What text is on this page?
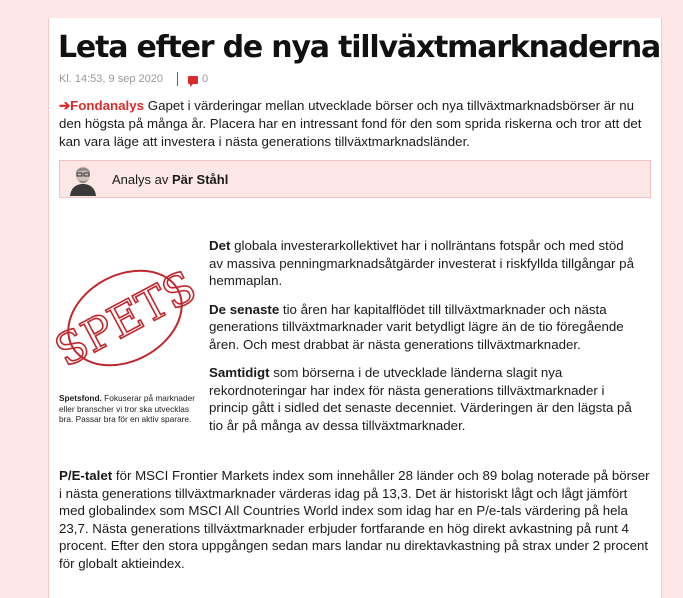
Leta efter de nya tillväxtmarknaderna
Kl. 14:53, 9 sep 2020	0

➔Fondanalys Gapet i värderingar mellan utvecklade börser och nya tillväxtmarknadsbörser är nu den högsta på många år. Placera har en intressant fond för den som sprida riskerna och tror att det kan vara läge att investera i nästa generations tillväxtmarknadsländer.

Analys av Pär Ståhl
SPETS
Spetsfond. Fokuserar på marknader eller branscher vi tror ska utvecklas bra. Passar bra för en aktiv sparare.

Det globala investerarkollektivet har i nollräntans fotspår och med stöd av massiva penningmarknadsåtgärder investerat i riskfyllda tillgångar på hemmaplan.

De senaste tio åren har kapitalflödet till tillväxtmarknader och nästa generations tillväxtmarknader varit betydligt lägre än de tio föregående åren. Och mest drabbat är nästa generations tillväxtmarknader.

Samtidigt som börserna i de utvecklade länderna slagit nya rekordnoteringar har index för nästa generations tillväxtmarknader i princip gått i sidled det senaste decenniet. Värderingen är den lägsta på tio år på många av dessa tillväxtmarknader.

P/E-talet för MSCI Frontier Markets index som innehåller 28 länder och 89 bolag noterade på börser i nästa generations tillväxtmarknader värderas idag på 13,3. Det är historiskt lågt och lågt jämfört med globalindex som MSCI All Countries World index som idag har en P/e-tals värdering på hela 23,7. Nästa generations tillväxtmarknader erbjuder fortfarande en hög direkt avkastning på runt 4 procent. Efter den stora uppgången sedan mars landar nu direktavkastning på strax under 2 procent för globalt aktieindex.
